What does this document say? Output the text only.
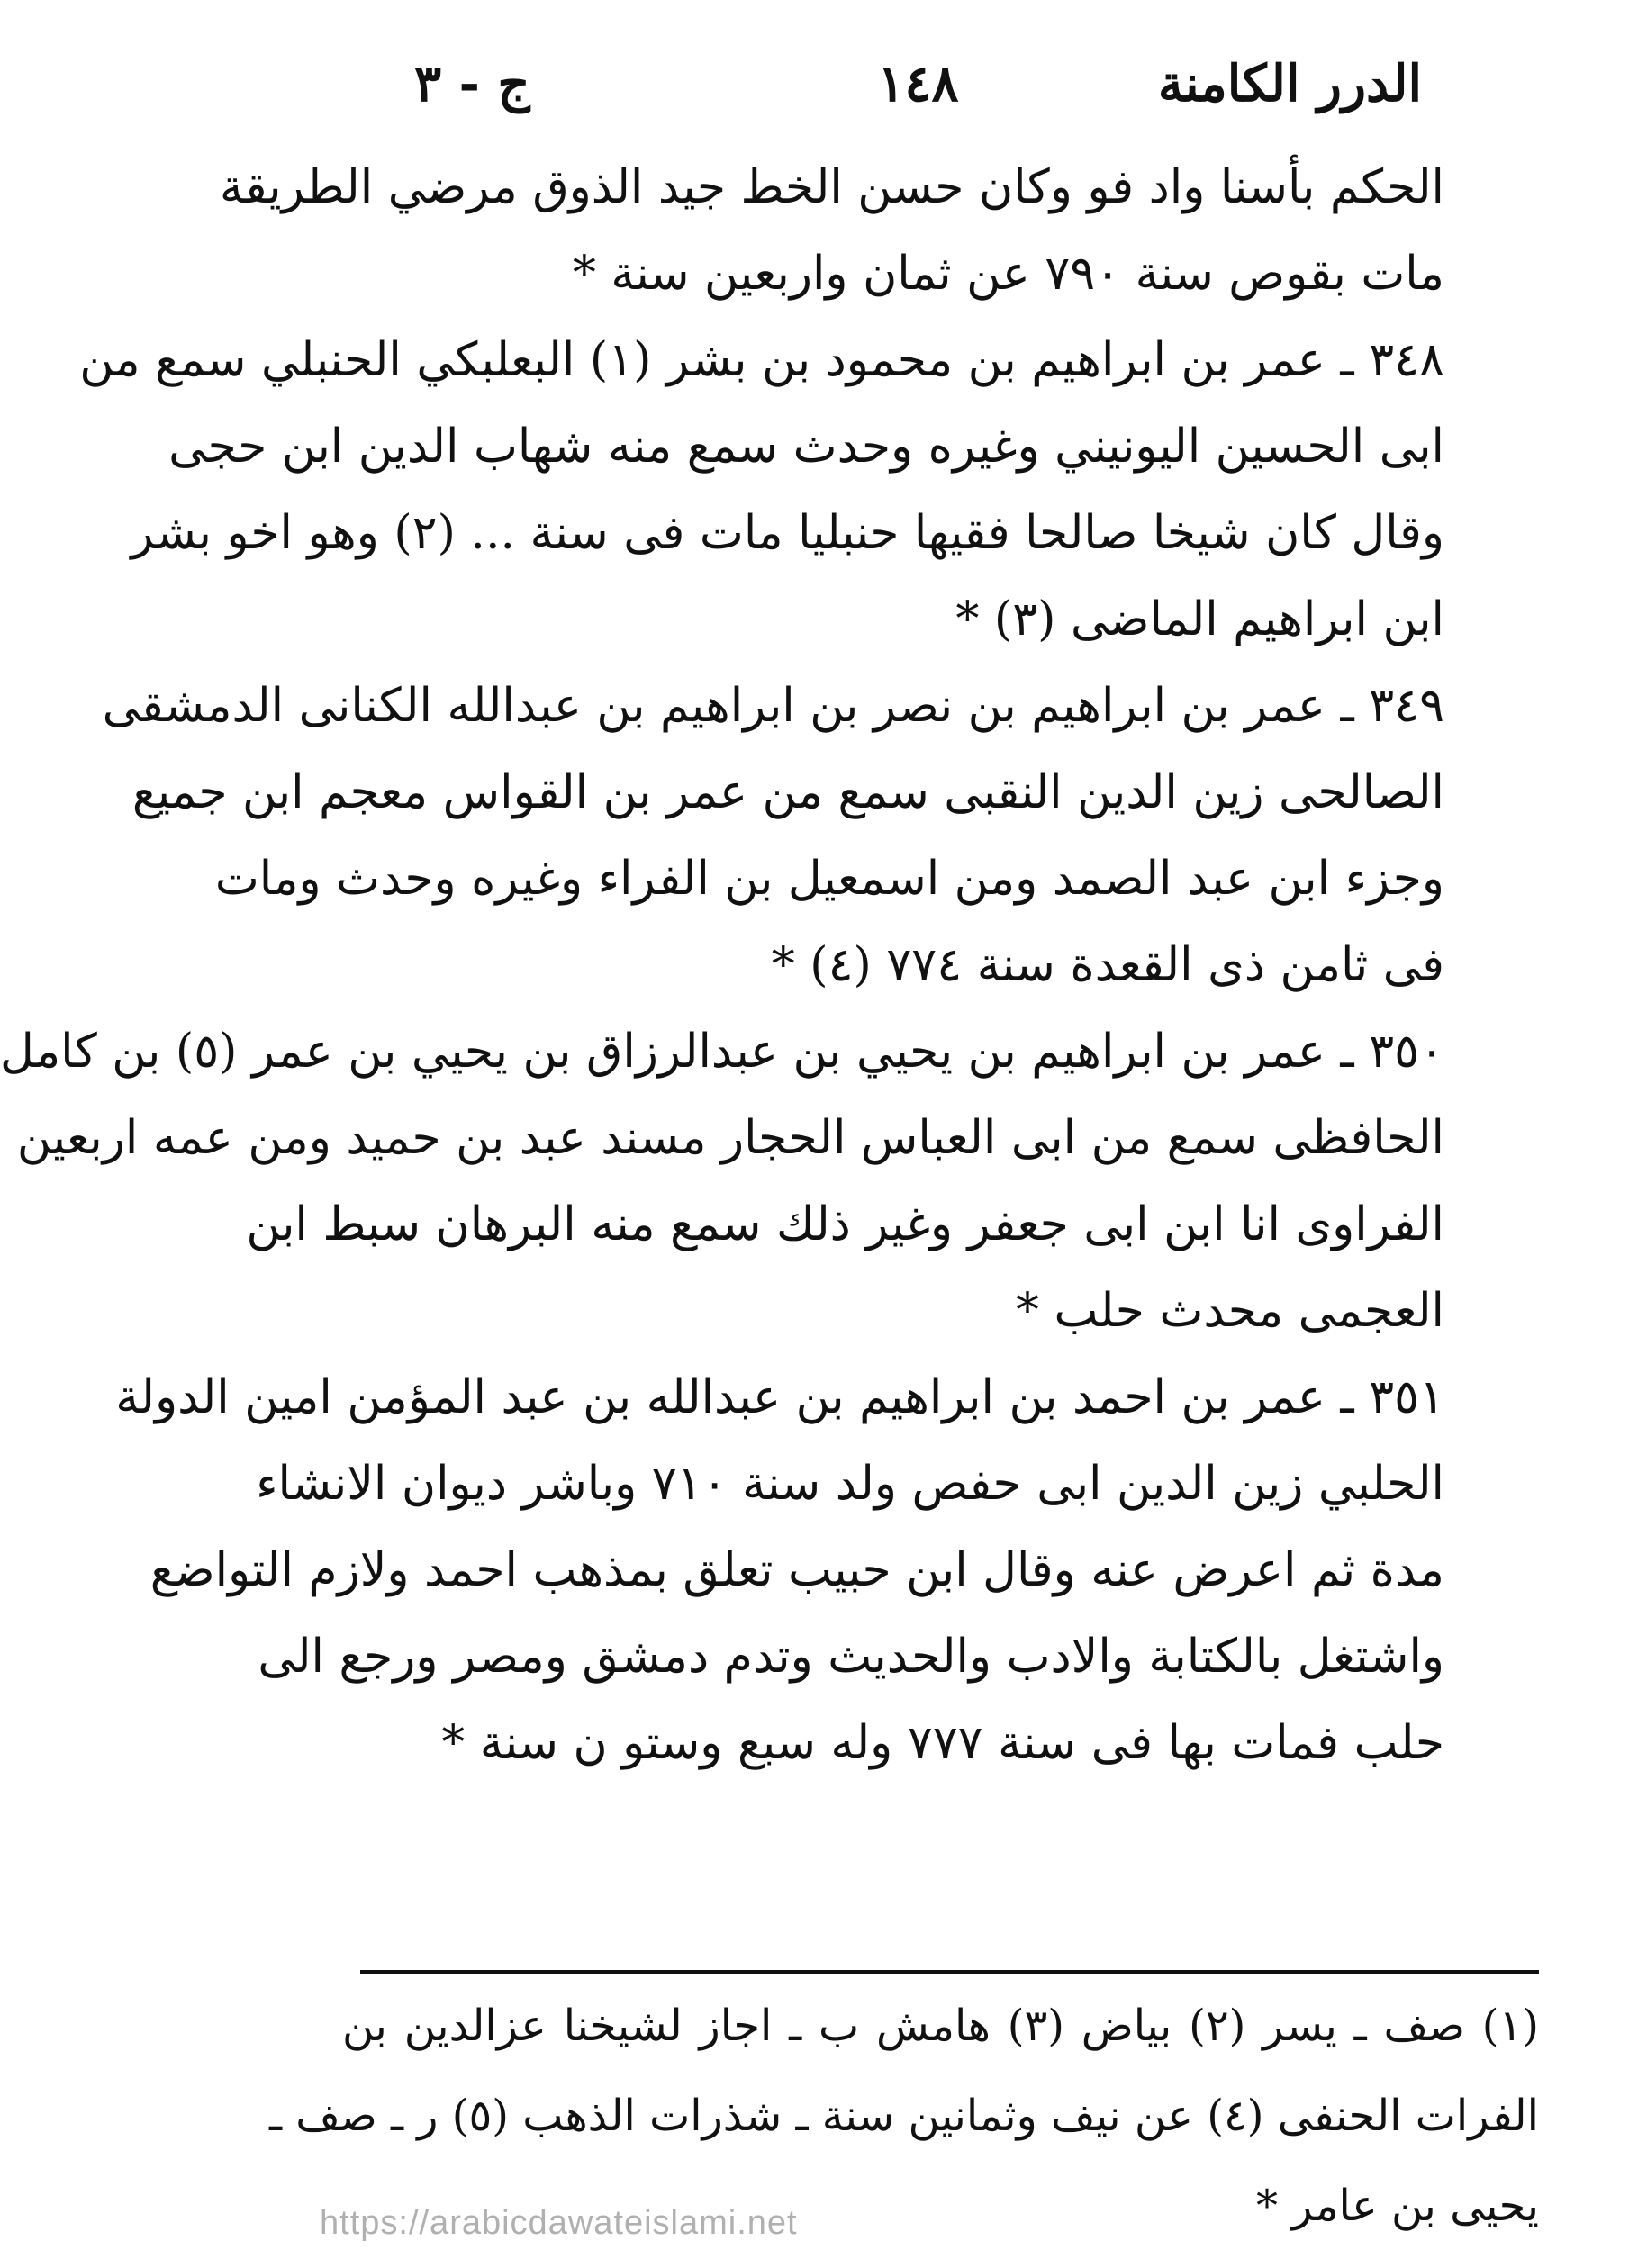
الدرر الكامنة
١٤٨
ج - ٣
الحكم بأسنا واد فو وكان حسن الخط جيد الذوق مرضي الطريقة
مات بقوص سنة ٧٩٠ عن ثمان واربعين سنة *
٣٤٨ ـ عمر بن ابراهيم بن محمود بن بشر (١) البعلبكي الحنبلي سمع من
ابى الحسين اليونيني وغيره وحدث سمع منه شهاب الدين ابن حجى
وقال كان شيخا صالحا فقيها حنبليا مات فى سنة ... (٢) وهو اخو بشر
ابن ابراهيم الماضى (٣) *
٣٤٩ ـ عمر بن ابراهيم بن نصر بن ابراهيم بن عبدالله الكنانى الدمشقى
الصالحى زين الدين النقبى سمع من عمر بن القواس معجم ابن جميع
وجزء ابن عبد الصمد ومن اسمعيل بن الفراء وغيره وحدث ومات
فى ثامن ذى القعدة سنة ٧٧٤ (٤) *
٣٥٠ ـ عمر بن ابراهيم بن يحيي بن عبدالرزاق بن يحيي بن عمر (٥) بن كامل
الحافظى سمع من ابى العباس الحجار مسند عبد بن حميد ومن عمه اربعين
الفراوى انا ابن ابى جعفر وغير ذلك سمع منه البرهان سبط ابن
العجمى محدث حلب *
٣٥١ ـ عمر بن احمد بن ابراهيم بن عبدالله بن عبد المؤمن امين الدولة
الحلبي زين الدين ابى حفص ولد سنة ٧١٠ وباشر ديوان الانشاء
مدة ثم اعرض عنه وقال ابن حبيب تعلق بمذهب احمد ولازم التواضع
واشتغل بالكتابة والادب والحديث وتدم دمشق ومصر ورجع الى
حلب فمات بها فى سنة ٧٧٧ وله سبع وستو ن سنة *
(١) صف ـ يسر (٢) بياض (٣) هامش ب ـ اجاز لشيخنا عزالدين بن
الفرات الحنفى (٤) عن نيف وثمانين سنة ـ شذرات الذهب (٥) ر ـ صف ـ
يحيى بن عامر *
https://arabicdawateislami.net
